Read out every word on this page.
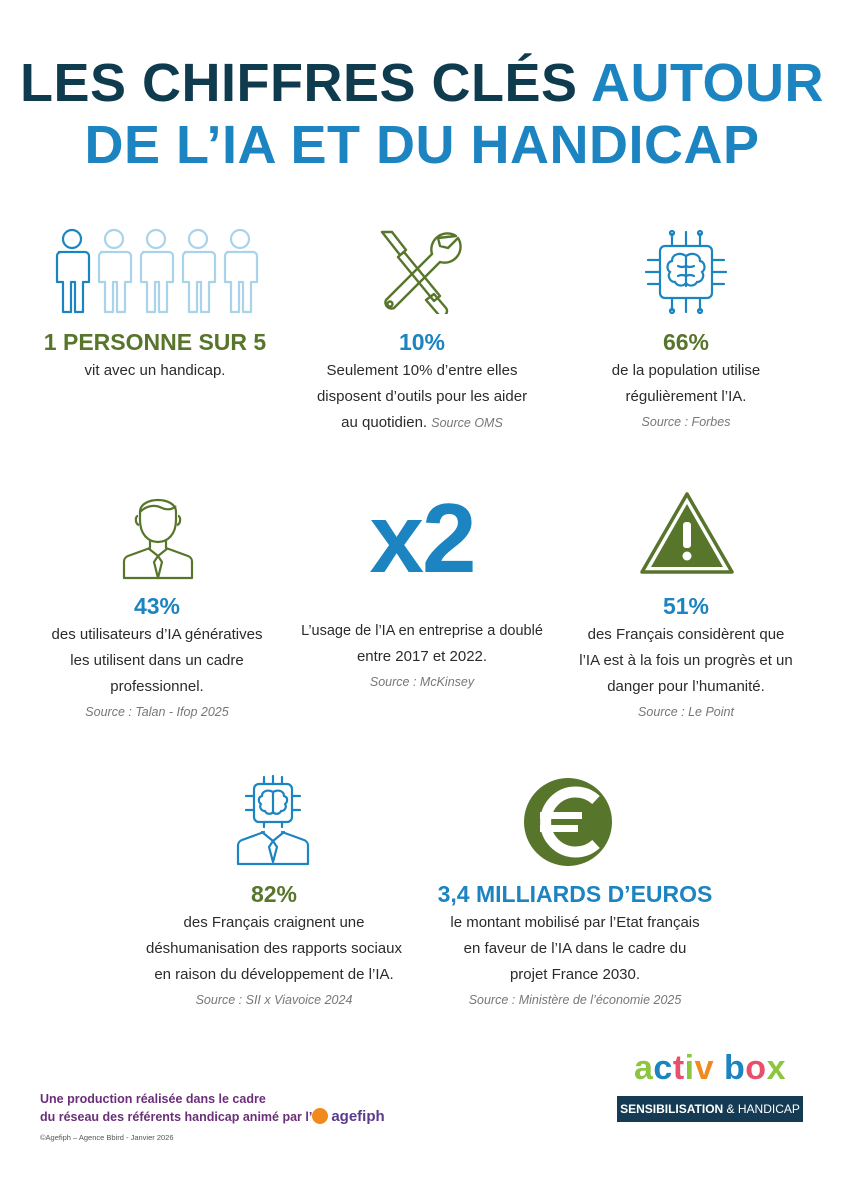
LES CHIFFRES CLÉS AUTOUR
DE L’IA ET DU HANDICAP
1 PERSONNE SUR 5
vit avec un handicap.
10%
Seulement 10% d’entre elles
disposent d’outils pour les aider
au quotidien. Source OMS
66%
de la population utilise
régulièrement l’IA.
Source : Forbes
43%
des utilisateurs d’IA génératives
les utilisent dans un cadre
professionnel.
Source : Talan - Ifop 2025
x2
L’usage de l’IA en entreprise a doublé
entre 2017 et 2022.
Source : McKinsey
51%
des Français considèrent que
l’IA est à la fois un progrès et un
danger pour l’humanité.
Source : Le Point
82%
des Français craignent une
déshumanisation des rapports sociaux
en raison du développement de l’IA.
Source : SII x Viavoice 2024
3,4 MILLIARDS D’EUROS
le montant mobilisé par l’Etat français
en faveur de l’IA dans le cadre du
projet France 2030.
Source : Ministère de l’économie 2025
Une production réalisée dans le cadre
du réseau des référents handicap animé par l’ agefiph
©Agefiph – Agence Bbird - Janvier 2026
activ box
SENSIBILISATION & HANDICAP
